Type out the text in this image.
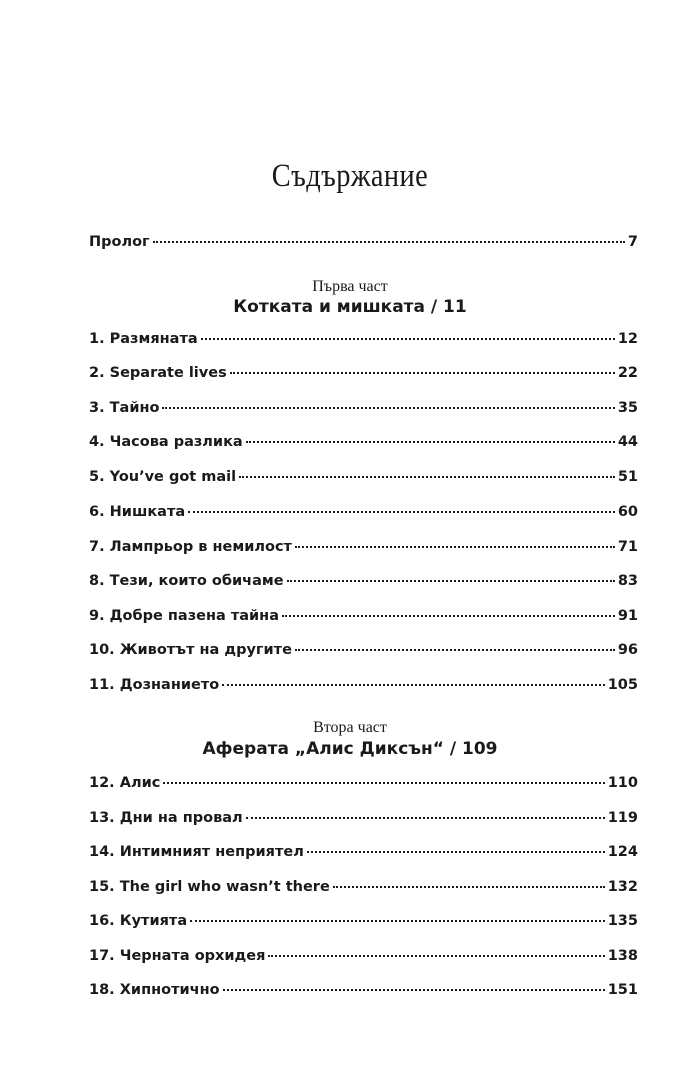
Съдържание
Пролог	7
Първа част
Котката и мишката / 11
1. Размяната	12
2. Separate lives	22
3. Тайно	35
4. Часова разлика	44
5. You’ve got mail	51
6. Нишката	60
7. Лампрьор в немилост	71
8. Тези, които обичаме	83
9. Добре пазена тайна	91
10. Животът на другите	96
11. Дознанието	105
Втора част
Аферата „Алис Диксън“ / 109
12. Алис	110
13. Дни на провал	119
14. Интимният неприятел	124
15. The girl who wasn’t there	132
16. Кутията	135
17. Черната орхидея	138
18. Хипнотично	151
